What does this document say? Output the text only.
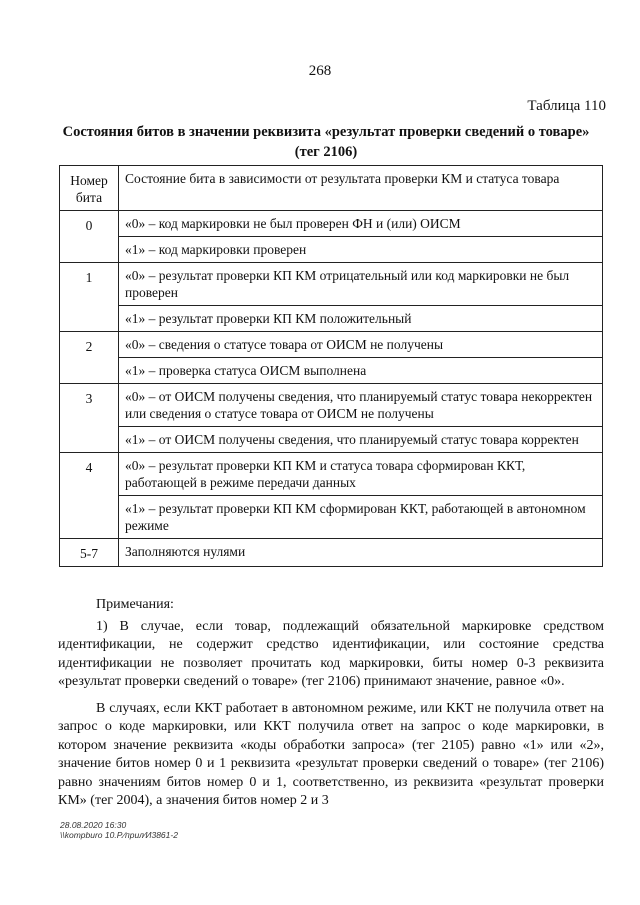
268
Таблица 110
Состояния битов в значении реквизита «результат проверки сведений о товаре»
(тег 2106)
Номер бита	Состояние бита в зависимости от результата проверки КМ и статуса товара
0	«0» – код маркировки не был проверен ФН и (или) ОИСМ
	«1» – код маркировки проверен
1	«0» – результат проверки КП КМ отрицательный или код маркировки не был проверен
	«1» – результат проверки КП КМ положительный
2	«0» – сведения о статусе товара от ОИСМ не получены
	«1» – проверка статуса ОИСМ выполнена
3	«0» – от ОИСМ получены сведения, что планируемый статус товара некорректен или сведения о статусе товара от ОИСМ не получены
	«1» – от ОИСМ получены сведения, что планируемый статус товара корректен
4	«0» – результат проверки КП КМ и статуса товара сформирован ККТ, работающей в режиме передачи данных
	«1» – результат проверки КП КМ сформирован ККТ, работающей в автономном режиме
5-7	Заполняются нулями

Примечания:

1) В случае, если товар, подлежащий обязательной маркировке средством идентификации, не содержит средство идентификации, или состояние средства идентификации не позволяет прочитать код маркировки, биты номер 0-3 реквизита «результат проверки сведений о товаре» (тег 2106) принимают значение, равное «0».

В случаях, если ККТ работает в автономном режиме, или ККТ не получила ответ на запрос о коде маркировки, или ККТ получила ответ на запрос о коде маркировки, в котором значение реквизита «коды обработки запроса» (тег 2105) равно «1» или «2», значение битов номер 0 и 1 реквизита «результат проверки сведений о товаре» (тег 2106) равно значениям битов номер 0 и 1, соответственно, из реквизита «результат проверки КМ» (тег 2004), а значения битов номер 2 и 3

28.08.2020 16:30
\\kompburo 10.P.∕прил∕И3861-2
